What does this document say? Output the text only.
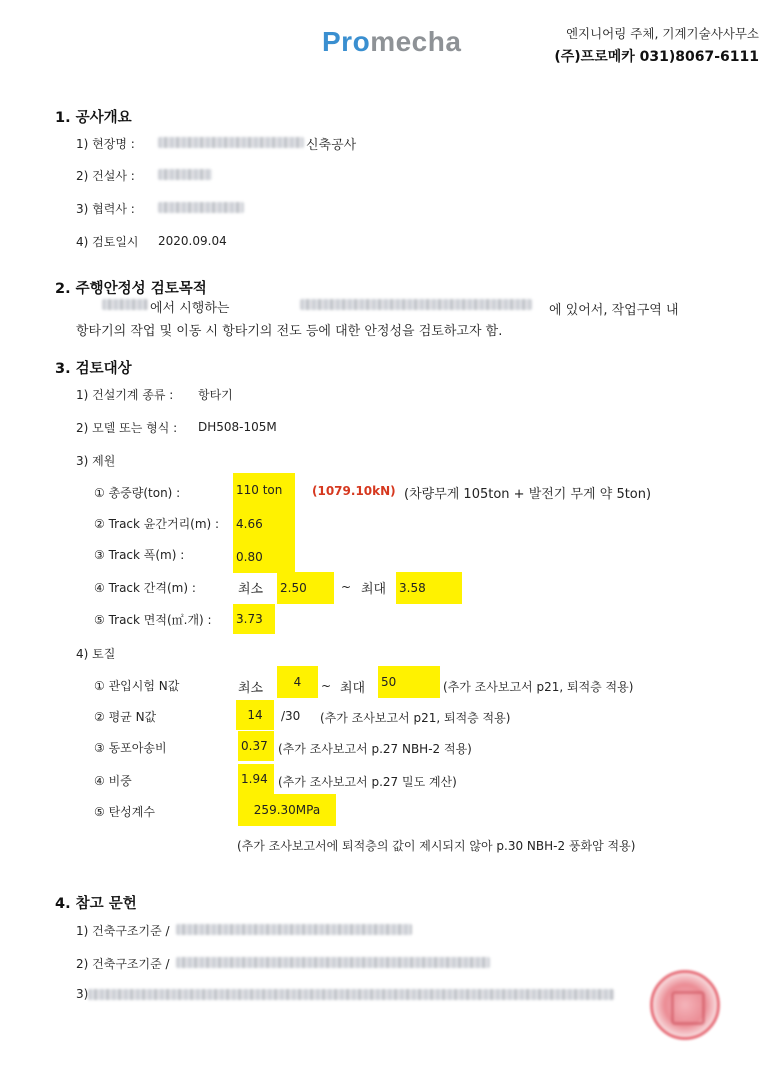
Promecha	엔지니어링 주체, 기계기술사사무소
(주)프로메카 031)8067-6111
1. 공사개요
1) 현장명 :	신축공사
2) 건설사 :
3) 협력사 :
4) 검토일시 2020.09.04
2. 주행안정성 검토목적
에서 시행하는	에 있어서, 작업구역 내
항타기의 작업 및 이동 시 항타기의 전도 등에 대한 안정성을 검토하고자 함.
3. 검토대상
1) 건설기계 종류 : 항타기
2) 모델 또는 형식 : DH508-105M
3) 제원
① 총중량(ton) :	110 ton (1079.10kN) (차량무게 105ton + 발전기 무게 약 5ton)
② Track 윤간거리(m) : 4.66
③ Track 폭(m) :	0.80
④ Track 간격(m) :	최소 2.50	~ 최대 3.58
⑤ Track 면적(㎡.개) : 3.73
4) 토질
① 관입시험 N값	최소	4	~ 최대 50	(추가 조사보고서 p21, 퇴적층 적용)
② 평균 N값	14	/30 (추가 조사보고서 p21, 퇴적층 적용)
③ 동포아송비	0.37 (추가 조사보고서 p.27 NBH-2 적용)
④ 비중	1.94 (추가 조사보고서 p.27 밀도 계산)
⑤ 탄성계수	259.30MPa
(추가 조사보고서에 퇴적층의 값이 제시되지 않아 p.30 NBH-2 풍화암 적용)
4. 참고 문헌
1) 건축구조기준 /
2) 건축구조기준 /
3)
